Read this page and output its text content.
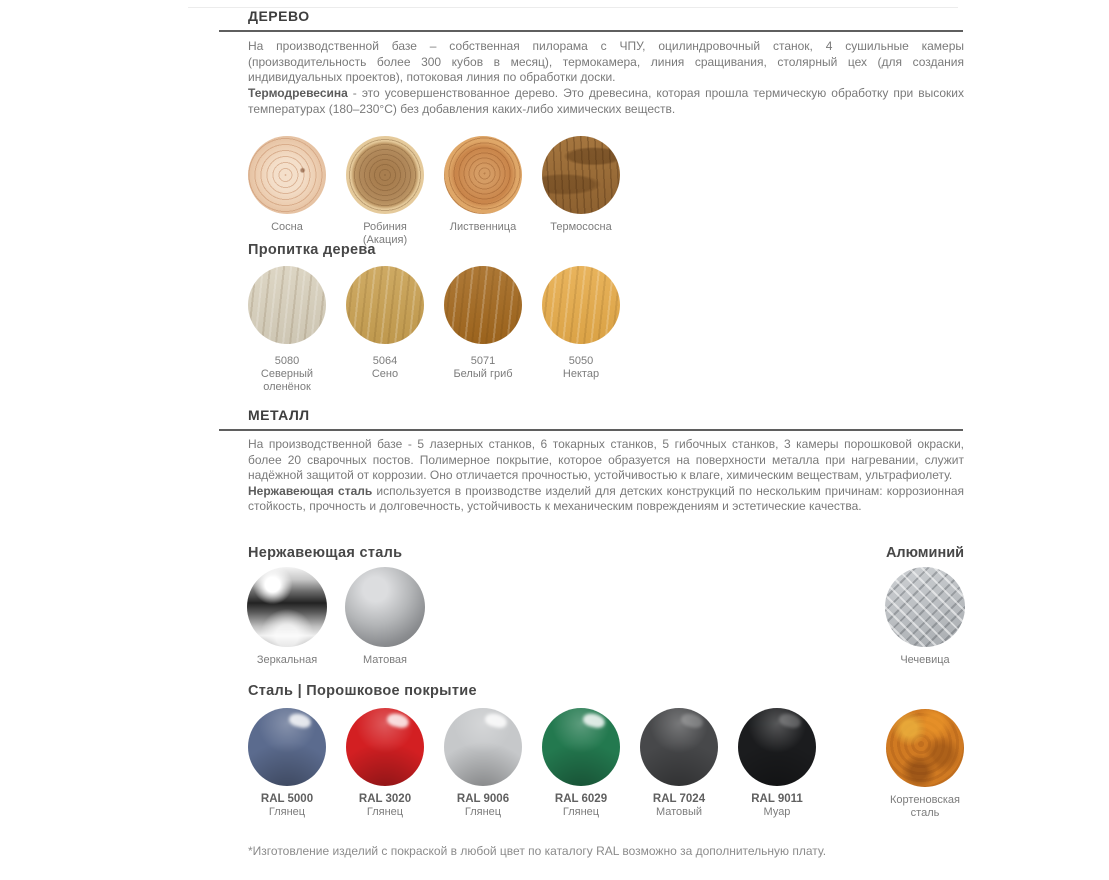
ДЕРЕВО

На производственной базе – собственная пилорама с ЧПУ, оцилиндровочный станок, 4 сушильные камеры (производительность более 300 кубов в месяц), термокамера, линия сращивания, столярный цех (для создания индивидуальных проектов), потоковая линия по обработки доски.

Термодревесина - это усовершенствованное дерево. Это древесина, которая прошла термическую обработку при высоких температурах (180–230°С) без добавления каких-либо химических веществ.

Сосна	Робиния (Акация)
Лиственница	Термососна
Пропитка дерева
5080
Северный оленёнок
5064
Сено
5071
Белый гриб
5050
Нектар
МЕТАЛЛ

На производственной базе - 5 лазерных станков, 6 токарных станков, 5 гибочных станков, 3 камеры порошковой окраски, более 20 сварочных постов. Полимерное покрытие, которое образуется на поверхности металла при нагревании, служит надёжной защитой от коррозии. Оно отличается прочностью, устойчивостью к влаге, химическим веществам, ультрафиолету.

Нержавеющая сталь используется в производстве изделий для детских конструкций по нескольким причинам: коррозионная стойкость, прочность и долговечность, устойчивость к механическим повреждениям и эстетические качества.

Нержавеющая сталь	Алюминий
Зеркальная	Матовая	Чечевица
Сталь | Порошковое покрытие
RAL 5000
Глянец
RAL 3020
Глянец
RAL 9006
Глянец
RAL 6029
Глянец
RAL 7024
Матовый
RAL 9011
Муар
Кортеновская сталь
*Изготовление изделий с покраской в любой цвет по каталогу RAL возможно за дополнительную плату.
